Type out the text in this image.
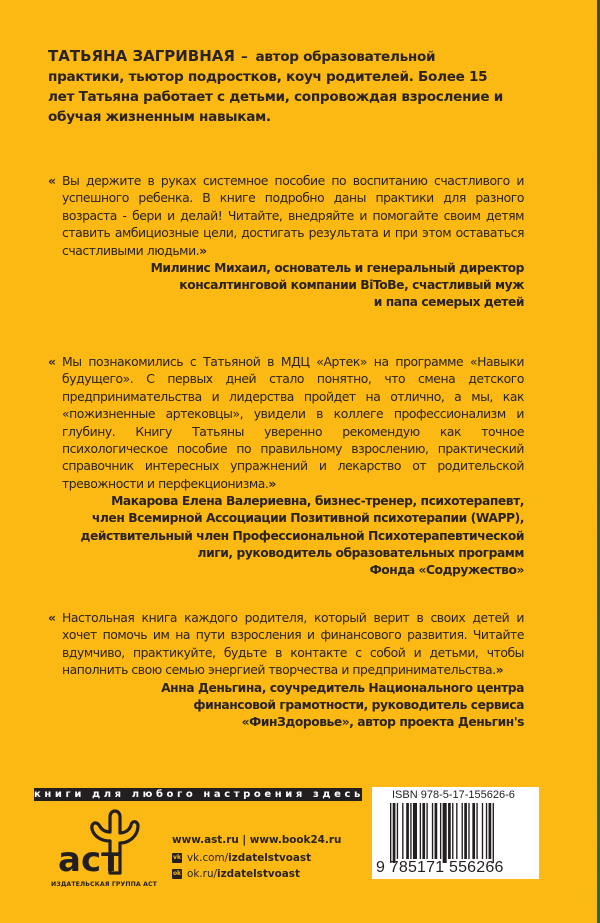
ТАТЬЯНА ЗАГРИВНАЯ – автор образовательной практики, тьютор подростков, коуч родителей. Более 15 лет Татьяна работает с детьми, сопровождая взросление и обучая жизненным навыкам.
« Вы держите в руках системное пособие по воспитанию счастливого и успешного ребенка. В книге подробно даны практики для разного возраста - бери и делай! Читайте, внедряйте и помогайте своим детям ставить амбициозные цели, достигать результата и при этом оставаться счастливыми людьми.»
Милинис Михаил, основатель и генеральный директор
консалтинговой компании BiToBe, счастливый муж
и папа семерых детей
« Мы познакомились с Татьяной в МДЦ «Артек» на программе «Навыки будущего». С первых дней стало понятно, что смена детского предпринимательства и лидерства пройдет на отлично, а мы, как «пожизненные артековцы», увидели в коллеге профессионализм и глубину. Книгу Татьяны уверенно рекомендую как точное психологическое пособие по правильному взрослению, практический справочник интересных упражнений и лекарство от родительской тревожности и перфекционизма.»
Макарова Елена Валериевна, бизнес-тренер, психотерапевт,
член Всемирной Ассоциации Позитивной психотерапии (WAPP),
действительный член Профессиональной Психотерапевтической
лиги, руководитель образовательных программ
Фонда «Содружество»
« Настольная книга каждого родителя, который верит в своих детей и хочет помочь им на пути взросления и финансового развития. Читайте вдумчиво, практикуйте, будьте в контакте с собой и детьми, чтобы наполнить свою семью энергией творчества и предпринимательства.»
Анна Деньгина, соучредитель Национального центра
финансовой грамотности, руководитель сервиса
«ФинЗдоровье», автор проекта Деньгин's
книги для любого настроения здесь
аст
ИЗДАТЕЛЬСКАЯ ГРУППА АСТ
www.ast.ru | www.book24.ru
vk vk.com/ izdatelstvoast
ok ok.ru/ izdatelstvoast
ISBN 978-5-17-155626-6
9 785171 556266
